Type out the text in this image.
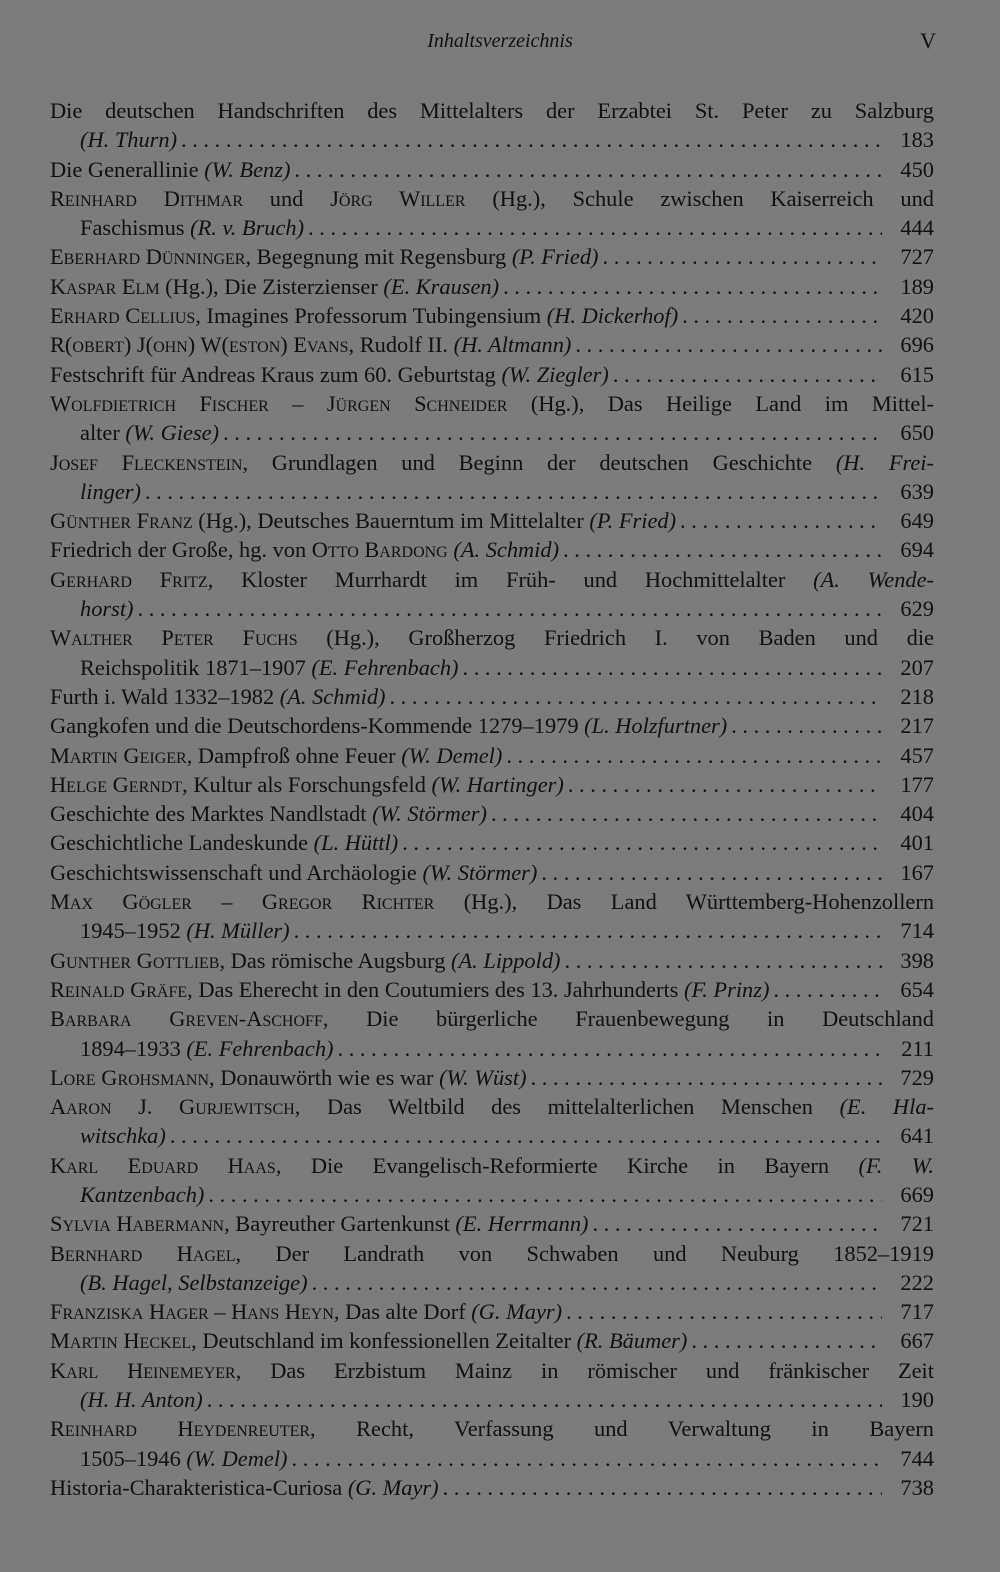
Inhaltsverzeichnis	V
Die deutschen Handschriften des Mittelalters der Erzabtei St. Peter zu Salzburg
(H. Thurn) . . .	183
Die Generallinie (W. Benz) . . .	450
Reinhard Dithmar und Jörg Willer (Hg.), Schule zwischen Kaiserreich und
Faschismus (R. v. Bruch) . . .	444
Eberhard Dünninger, Begegnung mit Regensburg (P. Fried) . . .	727
Kaspar Elm (Hg.), Die Zisterzienser (E. Krausen) . . .	189
Erhard Cellius, Imagines Professorum Tubingensium (H. Dickerhof) . . .	420
R(obert) J(ohn) W(eston) Evans, Rudolf II. (H. Altmann) . . .	696
Festschrift für Andreas Kraus zum 60. Geburtstag (W. Ziegler) . . .	615
Wolfdietrich Fischer – Jürgen Schneider (Hg.), Das Heilige Land im Mittel-
alter (W. Giese) . . .	650
Josef Fleckenstein, Grundlagen und Beginn der deutschen Geschichte (H. Frei-
linger) . . .	639
Günther Franz (Hg.), Deutsches Bauerntum im Mittelalter (P. Fried) . . .	649
Friedrich der Große, hg. von Otto Bardong (A. Schmid) . . .	694
Gerhard Fritz, Kloster Murrhardt im Früh- und Hochmittelalter (A. Wende-
horst) . . .	629
Walther Peter Fuchs (Hg.), Großherzog Friedrich I. von Baden und die
Reichspolitik 1871–1907 (E. Fehrenbach) . . .	207
Furth i. Wald 1332–1982 (A. Schmid) . . .	218
Gangkofen und die Deutschordens-Kommende 1279–1979 (L. Holzfurtner) . . .	217
Martin Geiger, Dampfroß ohne Feuer (W. Demel) . . .	457
Helge Gerndt, Kultur als Forschungsfeld (W. Hartinger) . . .	177
Geschichte des Marktes Nandlstadt (W. Störmer) . . .	404
Geschichtliche Landeskunde (L. Hüttl) . . .	401
Geschichtswissenschaft und Archäologie (W. Störmer) . . .	167
Max Gögler – Gregor Richter (Hg.), Das Land Württemberg-Hohenzollern
1945–1952 (H. Müller) . . .	714
Gunther Gottlieb, Das römische Augsburg (A. Lippold) . . .	398
Reinald Gräfe, Das Eherecht in den Coutumiers des 13. Jahrhunderts (F. Prinz) . . .	654
Barbara Greven-Aschoff, Die bürgerliche Frauenbewegung in Deutschland
1894–1933 (E. Fehrenbach) . . .	211
Lore Grohsmann, Donauwörth wie es war (W. Wüst) . . .	729
Aaron J. Gurjewitsch, Das Weltbild des mittelalterlichen Menschen (E. Hla-
witschka) . . .	641
Karl Eduard Haas, Die Evangelisch-Reformierte Kirche in Bayern (F. W.
Kantzenbach) . . .	669
Sylvia Habermann, Bayreuther Gartenkunst (E. Herrmann) . . .	721
Bernhard Hagel, Der Landrath von Schwaben und Neuburg 1852–1919
(B. Hagel, Selbstanzeige) . . .	222
Franziska Hager – Hans Heyn, Das alte Dorf (G. Mayr) . . .	717
Martin Heckel, Deutschland im konfessionellen Zeitalter (R. Bäumer) . . .	667
Karl Heinemeyer, Das Erzbistum Mainz in römischer und fränkischer Zeit
(H. H. Anton) . . .	190
Reinhard Heydenreuter, Recht, Verfassung und Verwaltung in Bayern
1505–1946 (W. Demel) . . .	744
Historia-Charakteristica-Curiosa (G. Mayr) . . .	738
